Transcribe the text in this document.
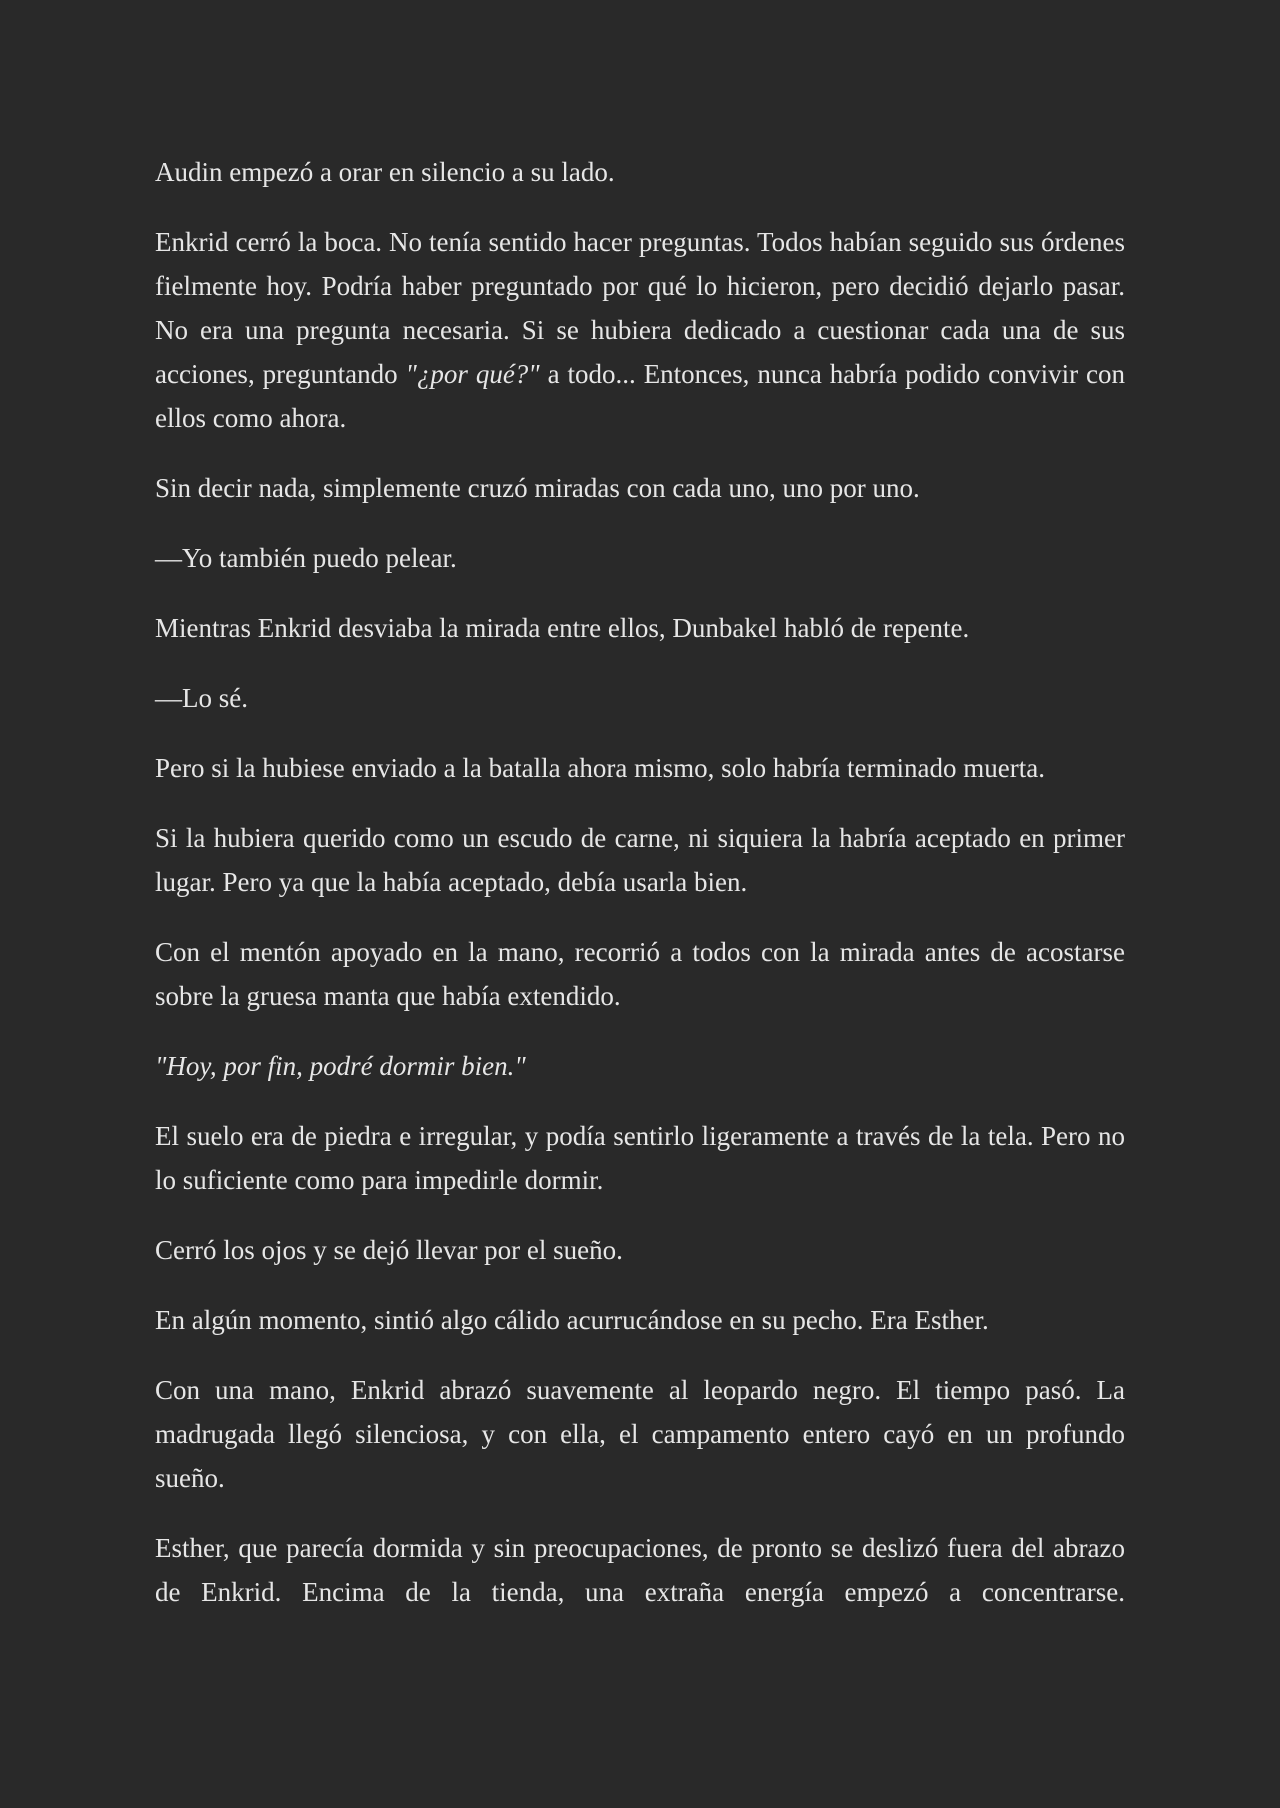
Audin empezó a orar en silencio a su lado.

Enkrid cerró la boca. No tenía sentido hacer preguntas. Todos habían seguido sus órdenes fielmente hoy. Podría haber preguntado por qué lo hicieron, pero decidió dejarlo pasar. No era una pregunta necesaria. Si se hubiera dedicado a cuestionar cada una de sus acciones, preguntando "¿por qué?" a todo... Entonces, nunca habría podido convivir con ellos como ahora.

Sin decir nada, simplemente cruzó miradas con cada uno, uno por uno.

—Yo también puedo pelear.

Mientras Enkrid desviaba la mirada entre ellos, Dunbakel habló de repente.

—Lo sé.

Pero si la hubiese enviado a la batalla ahora mismo, solo habría terminado muerta.

Si la hubiera querido como un escudo de carne, ni siquiera la habría aceptado en primer lugar. Pero ya que la había aceptado, debía usarla bien.

Con el mentón apoyado en la mano, recorrió a todos con la mirada antes de acostarse sobre la gruesa manta que había extendido.

"Hoy, por fin, podré dormir bien."

El suelo era de piedra e irregular, y podía sentirlo ligeramente a través de la tela. Pero no lo suficiente como para impedirle dormir.

Cerró los ojos y se dejó llevar por el sueño.

En algún momento, sintió algo cálido acurrucándose en su pecho. Era Esther.

Con una mano, Enkrid abrazó suavemente al leopardo negro. El tiempo pasó. La madrugada llegó silenciosa, y con ella, el campamento entero cayó en un profundo sueño.

Esther, que parecía dormida y sin preocupaciones, de pronto se deslizó fuera del abrazo de Enkrid. Encima de la tienda, una extraña energía empezó a concentrarse.
